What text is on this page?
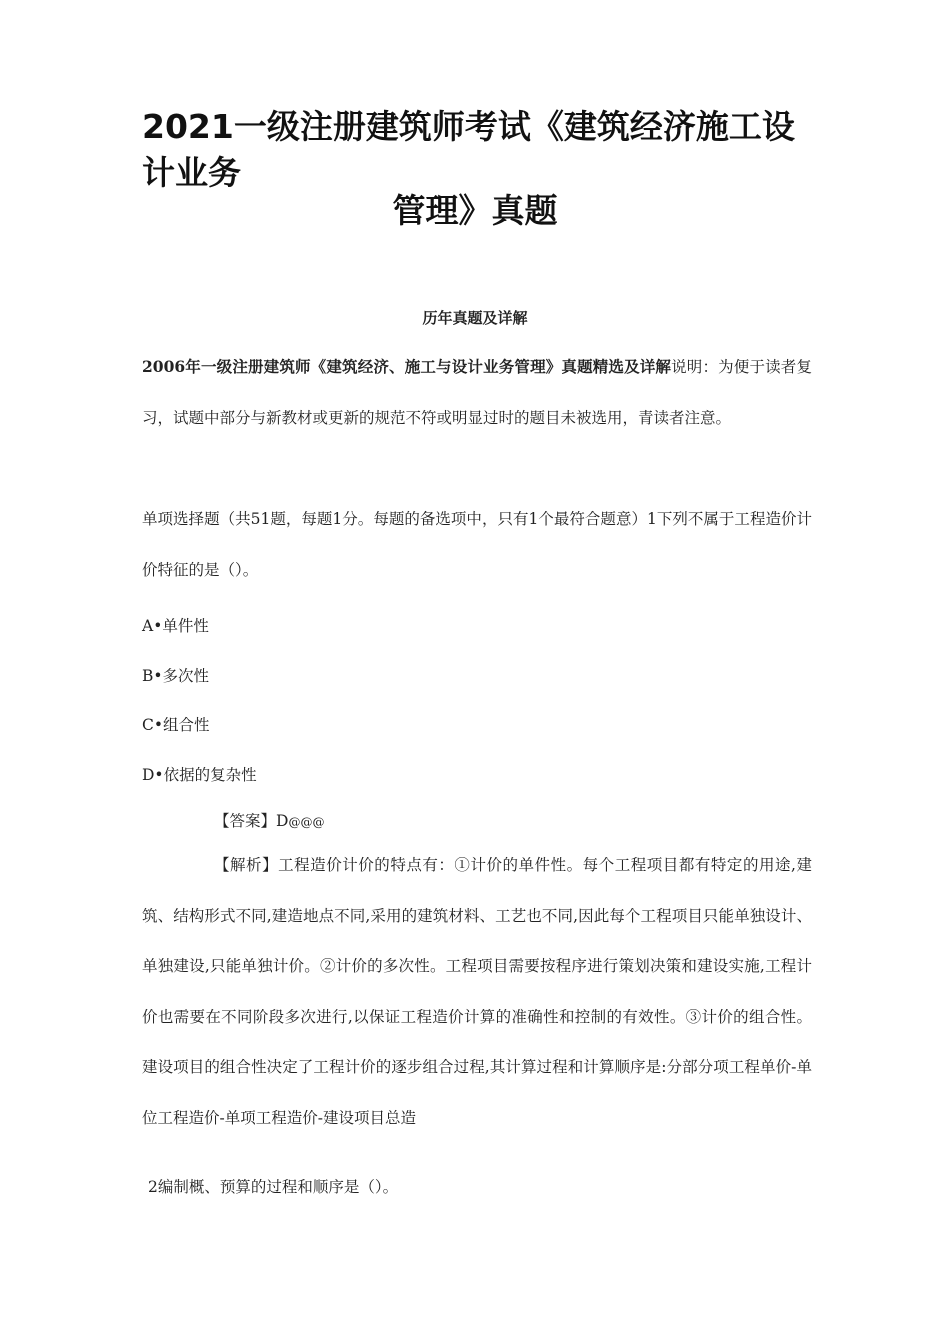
2021一级注册建筑师考试《建筑经济施工设计业务
管理》真题
历年真题及详解

2006年一级注册建筑师《建筑经济、施工与设计业务管理》真题精选及详解说明：为便于读者复习，试题中部分与新教材或更新的规范不符或明显过时的题目未被选用，青读者注意。

单项选择题（共51题，每题1分。每题的备选项中，只有1个最符合题意）1下列不属于工程造价计价特征的是（）。

A•单件性

B•多次性

C•组合性

D•依据的复杂性

【答案】D@@@

【解析】工程造价计价的特点有：①计价的单件性。每个工程项目都有特定的用途,建筑、结构形式不同,建造地点不同,采用的建筑材料、工艺也不同,因此每个工程项目只能单独设计、单独建设,只能单独计价。②计价的多次性。工程项目需要按程序进行策划决策和建设实施,工程计价也需要在不同阶段多次进行,以保证工程造价计算的准确性和控制的有效性。③计价的组合性。建设项目的组合性决定了工程计价的逐步组合过程,其计算过程和计算顺序是:分部分项工程单价-单位工程造价-单项工程造价-建设项目总造

2编制概、预算的过程和顺序是（）。
